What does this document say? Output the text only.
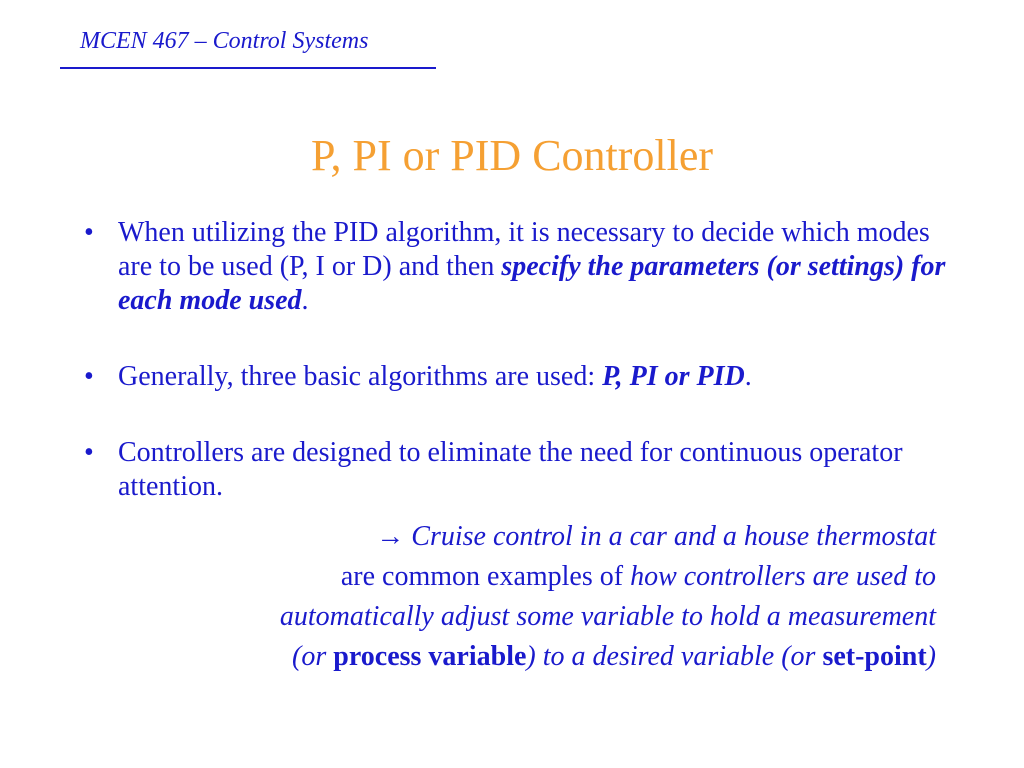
MCEN 467 – Control Systems
P, PI or PID Controller
• When utilizing the PID algorithm, it is necessary to decide which modes are to be used (P, I or D) and then specify the parameters (or settings) for each mode used.
• Generally, three basic algorithms are used: P, PI or PID.
• Controllers are designed to eliminate the need for continuous operator attention.
→ Cruise control in a car and a house thermostat
are common examples of how controllers are used to
automatically adjust some variable to hold a measurement
(or process variable) to a desired variable (or set-point)
